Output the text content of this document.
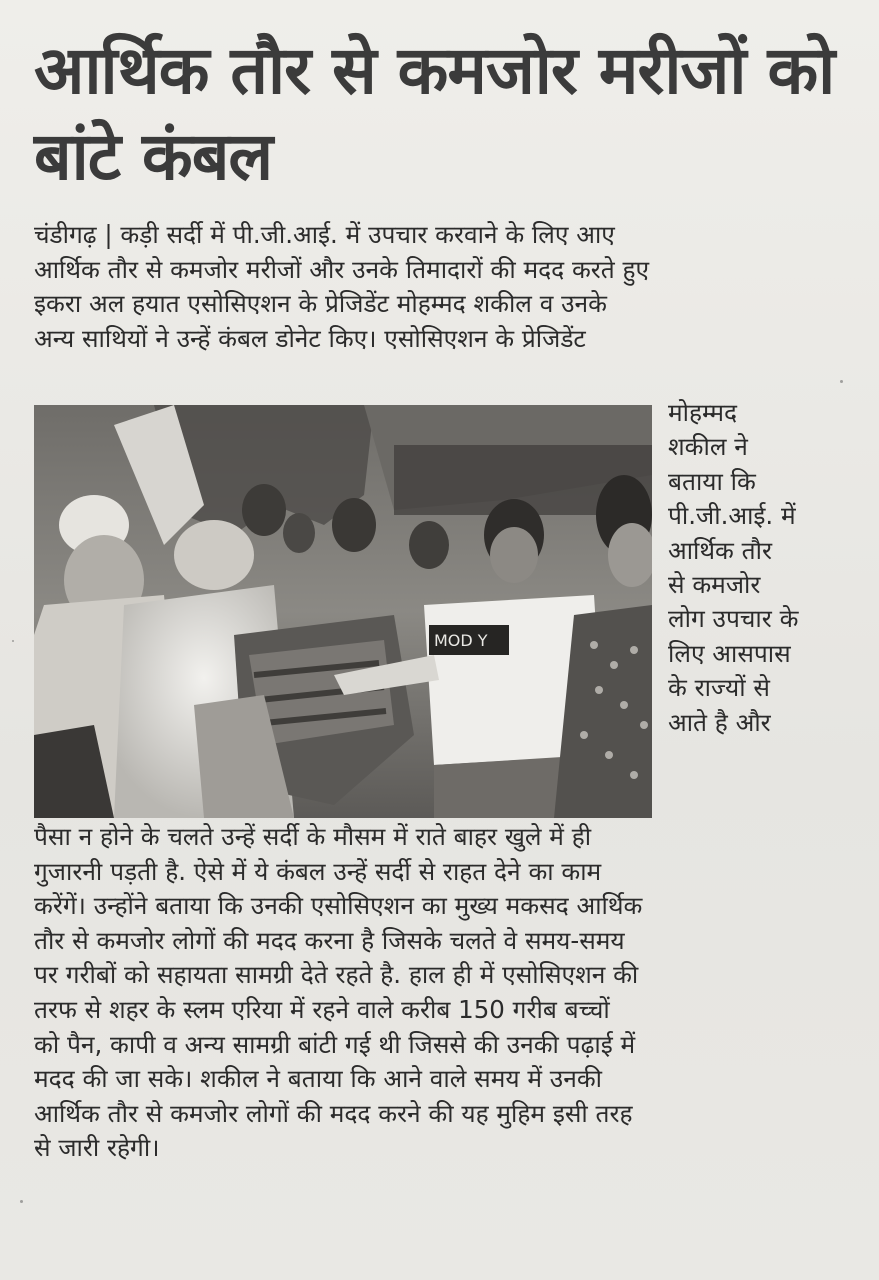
आर्थिक तौर से कमजोर मरीजों को
बांटे कंबल
चंडीगढ़ | कड़ी सर्दी में पी.जी.आई. में उपचार करवाने के लिए आए
आर्थिक तौर से कमजोर मरीजों और उनके तिमादारों की मदद करते हुए
इकरा अल हयात एसोसिएशन के प्रेजिडेंट मोहम्मद शकील व उनके
अन्य साथियों ने उन्हें कंबल डोनेट किए। एसोसिएशन के प्रेजिडेंट
MOD Y
मोहम्मद
शकील ने
बताया कि
पी.जी.आई. में
आर्थिक तौर
से कमजोर
लोग उपचार के
लिए आसपास
के राज्यों से
आते है और
पैसा न होने के चलते उन्हें सर्दी के मौसम में राते बाहर खुले में ही
गुजारनी पड़ती है. ऐसे में ये कंबल उन्हें सर्दी से राहत देने का काम
करेंगें। उन्होंने बताया कि उनकी एसोसिएशन का मुख्य मकसद आर्थिक
तौर से कमजोर लोगों की मदद करना है जिसके चलते वे समय-समय
पर गरीबों को सहायता सामग्री देते रहते है. हाल ही में एसोसिएशन की
तरफ से शहर के स्लम एरिया में रहने वाले करीब 150 गरीब बच्चों
को पैन, कापी व अन्य सामग्री बांटी गई थी जिससे की उनकी पढ़ाई में
मदद की जा सके। शकील ने बताया कि आने वाले समय में उनकी
आर्थिक तौर से कमजोर लोगों की मदद करने की यह मुहिम इसी तरह
से जारी रहेगी।
